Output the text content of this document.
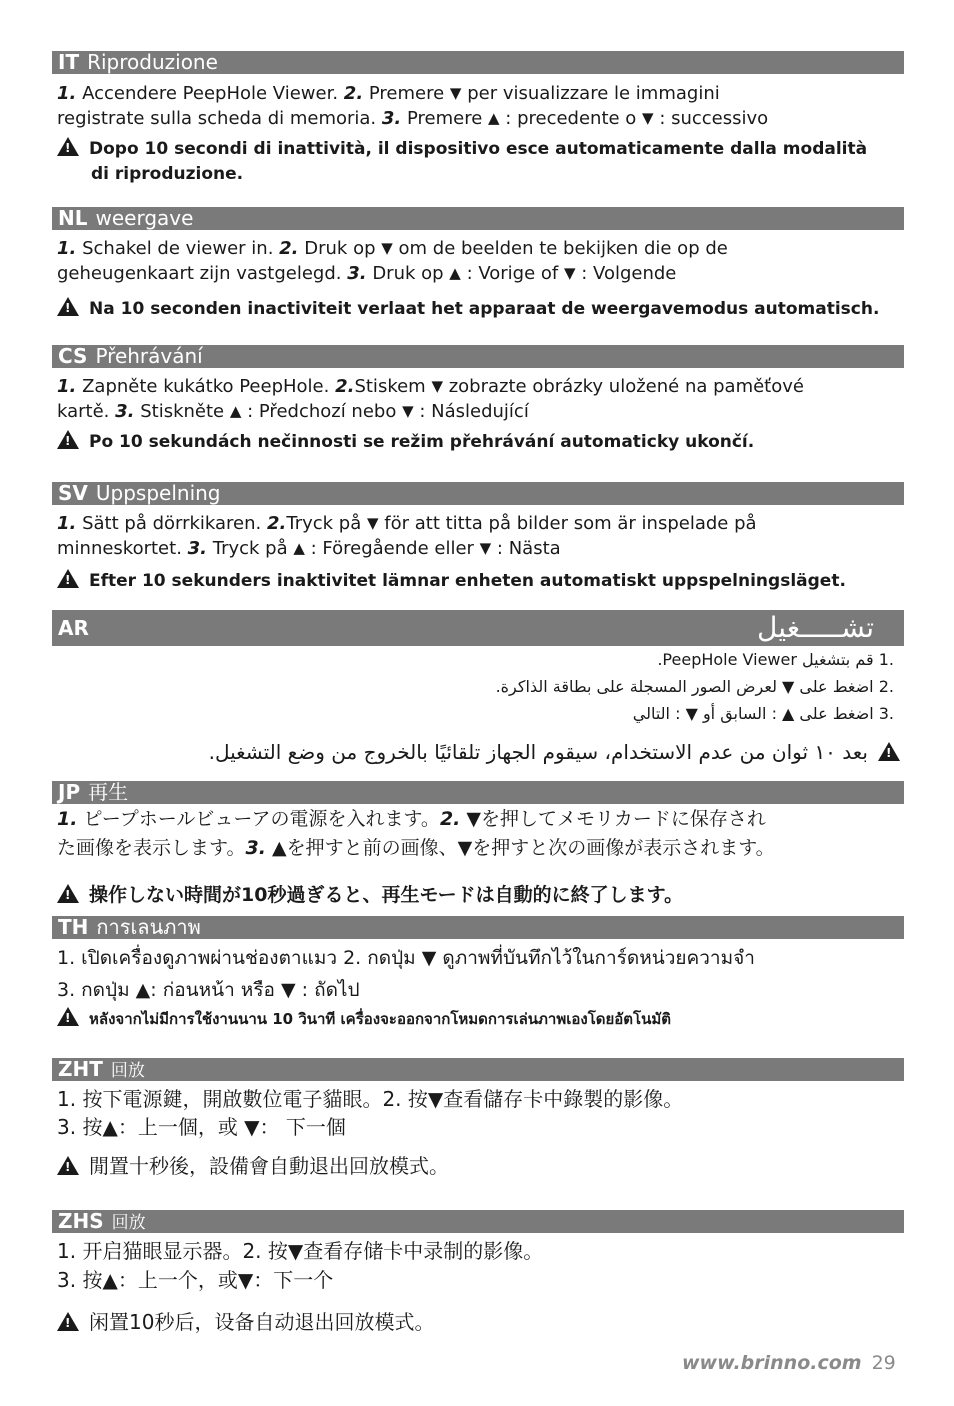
IT Riproduzione
1. Accendere PeepHole Viewer. 2. Premere ▼ per visualizzare le immagini
registrate sulla scheda di memoria. 3. Premere ▲ : precedente o ▼ : successivo
!Dopo 10 secondi di inattività, il dispositivo esce automaticamente dalla modalità
di riproduzione.
NL weergave
1. Schakel de viewer in. 2. Druk op ▼ om de beelden te bekijken die op de
geheugenkaart zijn vastgelegd. 3. Druk op ▲ : Vorige of ▼ : Volgende
!Na 10 seconden inactiviteit verlaat het apparaat de weergavemodus automatisch.
CS Přehrávání
1. Zapněte kukátko PeepHole. 2.Stiskem ▼ zobrazte obrázky uložené na paměťové
kartě. 3. Stiskněte ▲ : Předchozí nebo ▼ : Následující
!Po 10 sekundách nečinnosti se režim přehrávání automaticky ukončí.
SV Uppspelning
1. Sätt på dörrkikaren. 2.Tryck på ▼ för att titta på bilder som är inspelade på
minneskortet. 3. Tryck på ▲ : Föregående eller ▼ : Nästa
!Efter 10 sekunders inaktivitet lämnar enheten automatiskt uppspelningsläget.
AR	تشـــــغيل
.1 قم بتشغيل PeepHole Viewer.
.2 اضغط على ▼ لعرض الصور المسجلة على بطاقة الذاكرة.
.3 اضغط على ▲ : السابق أو ▼ : التالي
!بعد ١٠ ثوان من عدم الاستخدام، سيقوم الجهاز تلقائيًا بالخروج من وضع التشغيل.
JP 再生
1. ピープホールビューアの電源を入れます。2. ▼を押してメモリカードに保存され
た画像を表示します。3. ▲を押すと前の画像、▼を押すと次の画像が表示されます。
!操作しない時間が10秒過ぎると、再生モードは自動的に終了します。
TH การเลนภาพ
1. เปิดเครื่องดูภาพผ่านช่องตาแมว 2. กดปุ่ม ▼ ดูภาพที่บันทึกไว้ในการ์ดหน่วยความจำ
3. กดปุ่ม ▲: ก่อนหน้า หรือ ▼ : ถัดไป
!หลังจากไม่มีการใช้งานนาน 10 วินาที เครื่องจะออกจากโหมดการเล่นภาพเองโดยอัตโนมัติ
ZHT 回放
1. 按下電源鍵，開啟數位電子貓眼。2. 按▼查看儲存卡中錄製的影像。
3. 按▲：上一個，或 ▼： 下一個
!閒置十秒後，設備會自動退出回放模式。
ZHS 回放
1. 开启猫眼显示器。2. 按▼查看存储卡中录制的影像。
3. 按▲：上一个，或▼：下一个
!闲置10秒后，设备自动退出回放模式。
www.brinno.com 29
